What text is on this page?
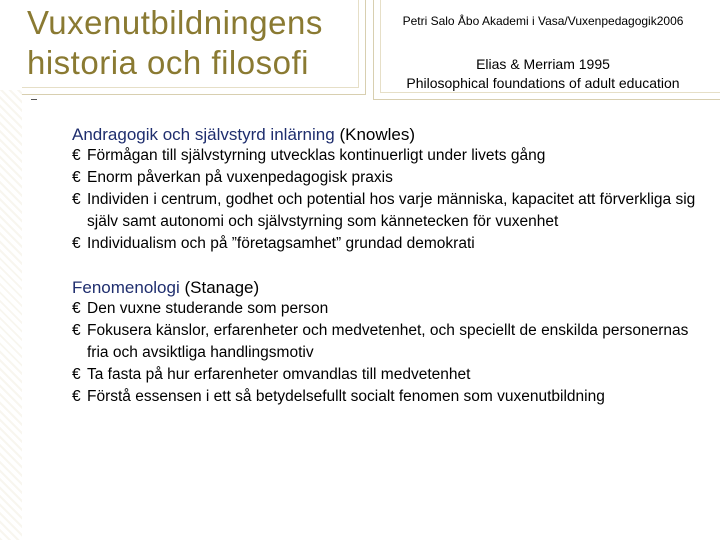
Vuxenutbildningens
historia och filosofi
Petri Salo Åbo Akademi i Vasa/Vuxenpedagogik2006
Elias & Merriam 1995
Philosophical foundations of adult education
Andragogik och självstyrd inlärning (Knowles)
€ Förmågan till självstyrning utvecklas kontinuerligt under livets gång
€ Enorm påverkan på vuxenpedagogisk praxis
€ Individen i centrum, godhet och potential hos varje människa, kapacitet att förverkliga sig själv samt autonomi och självstyrning som kännetecken för vuxenhet
€ Individualism och på ”företagsamhet” grundad demokrati
Fenomenologi (Stanage)
€ Den vuxne studerande som person
€ Fokusera känslor, erfarenheter och medvetenhet, och speciellt de enskilda personernas fria och avsiktliga handlingsmotiv
€ Ta fasta på hur erfarenheter omvandlas till medvetenhet
€ Förstå essensen i ett så betydelsefullt socialt fenomen som vuxenutbildning
